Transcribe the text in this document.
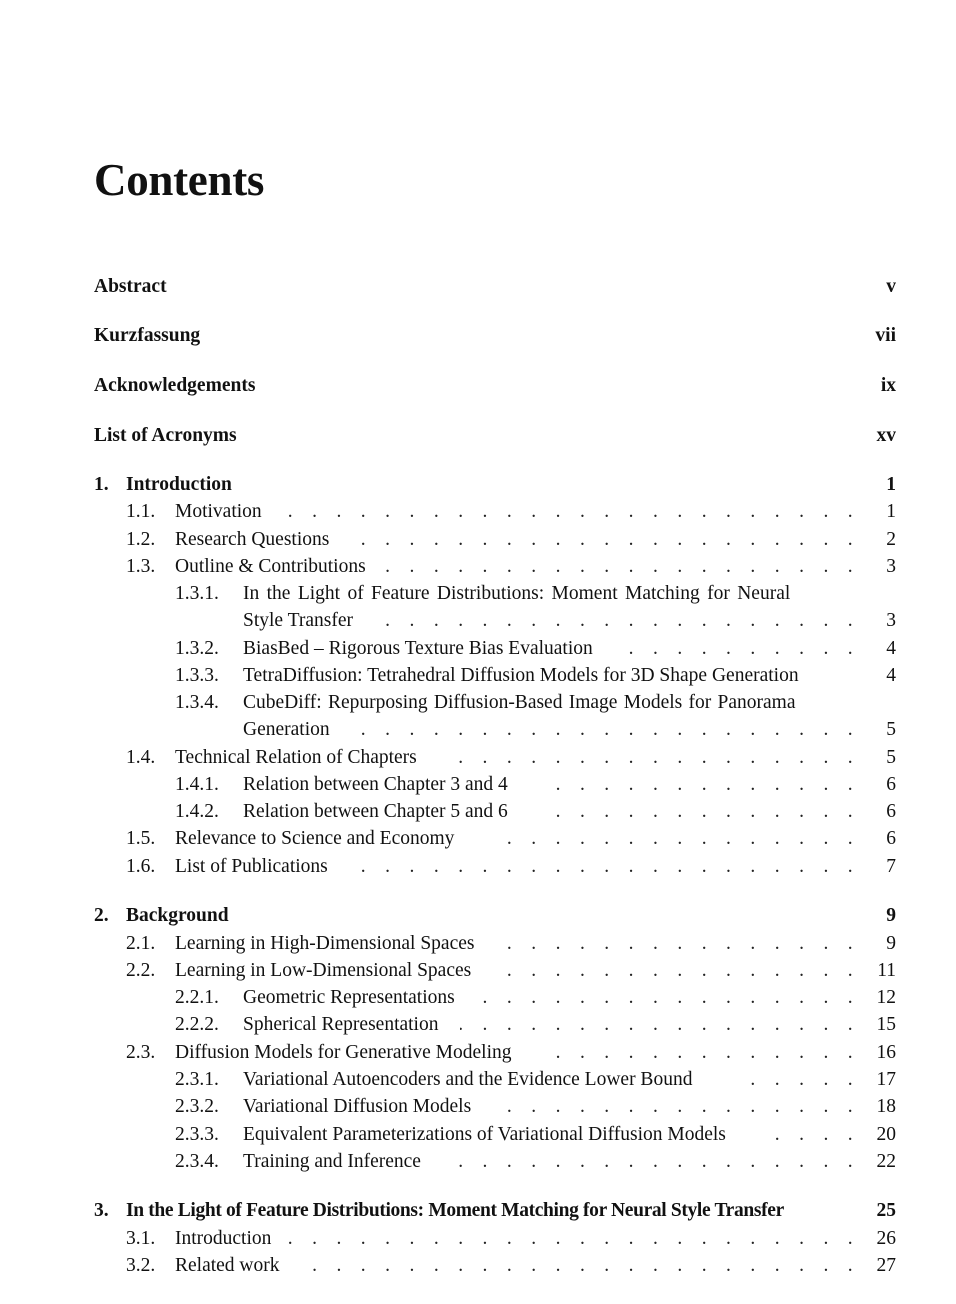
Contents
Abstract	v
Kurzfassung	vii
Acknowledgements	ix
List of Acronyms	xv
1. Introduction	1
1.1. Motivation . . .	1
1.2. Research Questions . . .	2
1.3. Outline & Contributions . . .	3
1.3.1. In the Light of Feature Distributions: Moment Matching for Neural
Style Transfer . . .	3
1.3.2. BiasBed – Rigorous Texture Bias Evaluation . . .	4
1.3.3. TetraDiffusion: Tetrahedral Diffusion Models for 3D Shape Generation	4
1.3.4. CubeDiff: Repurposing Diffusion-Based Image Models for Panorama
Generation . . .	5
1.4. Technical Relation of Chapters . . .	5
1.4.1. Relation between Chapter 3 and 4 . . .	6
1.4.2. Relation between Chapter 5 and 6 . . .	6
1.5. Relevance to Science and Economy . . .	6
1.6. List of Publications . . .	7
2. Background	9
2.1. Learning in High-Dimensional Spaces . . .	9
2.2. Learning in Low-Dimensional Spaces . . .	11
2.2.1. Geometric Representations . . .	12
2.2.2. Spherical Representation . . .	15
2.3. Diffusion Models for Generative Modeling . . .	16
2.3.1. Variational Autoencoders and the Evidence Lower Bound . . .	17
2.3.2. Variational Diffusion Models . . .	18
2.3.3. Equivalent Parameterizations of Variational Diffusion Models . . .	20
2.3.4. Training and Inference . . .	22
3. In the Light of Feature Distributions: Moment Matching for Neural Style Transfer	25
3.1. Introduction . . .	26
3.2. Related work . . .	27
